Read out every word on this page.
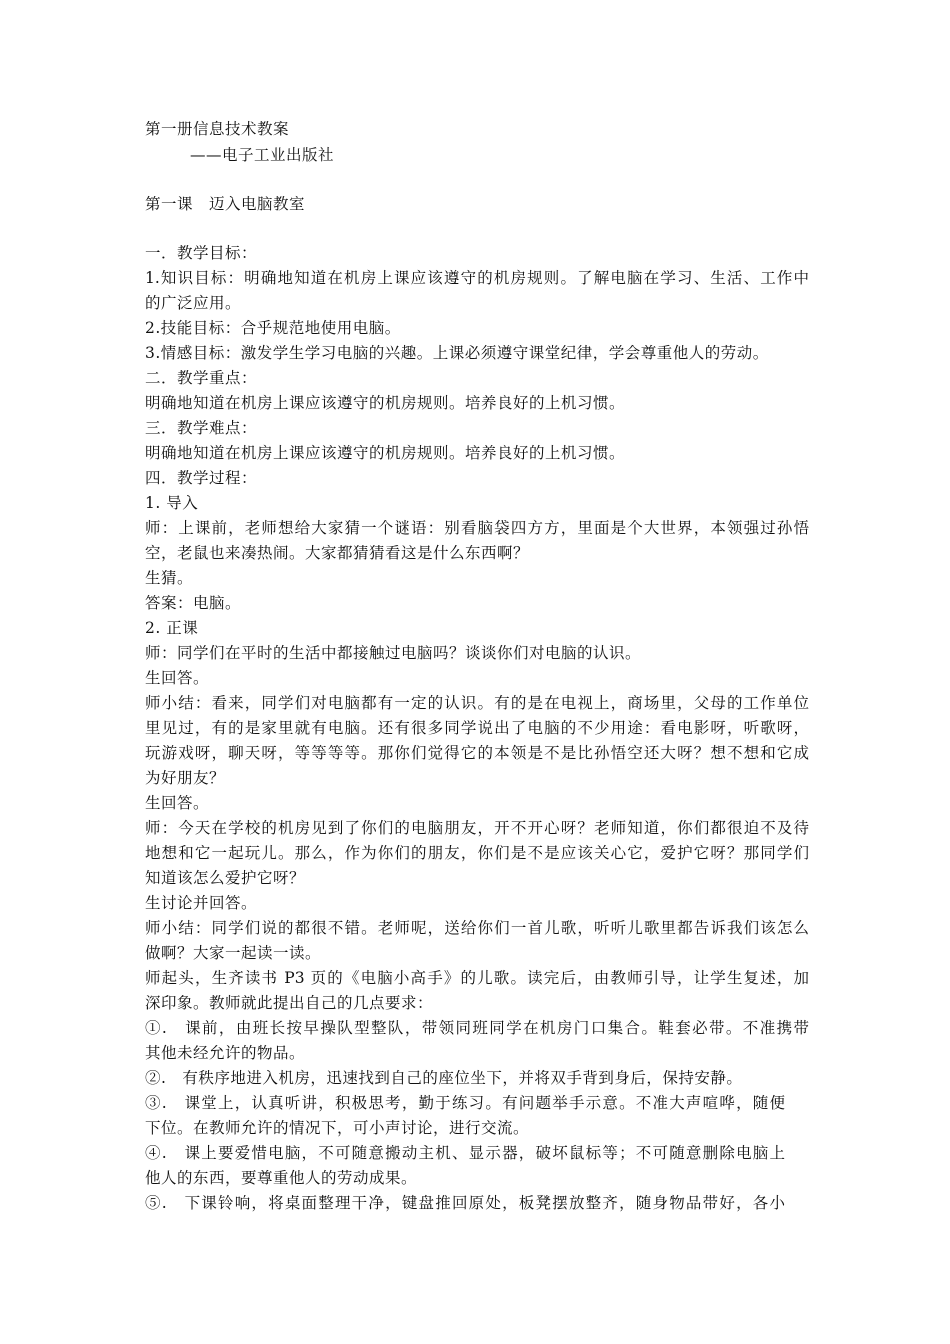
第一册信息技术教案
——电子工业出版社
第一课　迈入电脑教室
一．教学目标：
1.知识目标：明确地知道在机房上课应该遵守的机房规则。了解电脑在学习、生活、工作中
的广泛应用。
2.技能目标：合乎规范地使用电脑。
3.情感目标：激发学生学习电脑的兴趣。上课必须遵守课堂纪律，学会尊重他人的劳动。
二．教学重点：
明确地知道在机房上课应该遵守的机房规则。培养良好的上机习惯。
三．教学难点：
明确地知道在机房上课应该遵守的机房规则。培养良好的上机习惯。
四．教学过程：
1. 导入
师：上课前，老师想给大家猜一个谜语：别看脑袋四方方，里面是个大世界，本领强过孙悟
空，老鼠也来凑热闹。大家都猜猜看这是什么东西啊？
生猜。
答案：电脑。
2. 正课
师：同学们在平时的生活中都接触过电脑吗？谈谈你们对电脑的认识。
生回答。
师小结：看来，同学们对电脑都有一定的认识。有的是在电视上，商场里，父母的工作单位
里见过，有的是家里就有电脑。还有很多同学说出了电脑的不少用途：看电影呀，听歌呀，
玩游戏呀，聊天呀，等等等等。那你们觉得它的本领是不是比孙悟空还大呀？想不想和它成
为好朋友？
生回答。
师：今天在学校的机房见到了你们的电脑朋友，开不开心呀？老师知道，你们都很迫不及待
地想和它一起玩儿。那么，作为你们的朋友，你们是不是应该关心它，爱护它呀？那同学们
知道该怎么爱护它呀？
生讨论并回答。
师小结：同学们说的都很不错。老师呢，送给你们一首儿歌，听听儿歌里都告诉我们该怎么
做啊？大家一起读一读。
师起头，生齐读书 P3 页的《电脑小高手》的儿歌。读完后，由教师引导，让学生复述，加
深印象。教师就此提出自己的几点要求：
①.　课前，由班长按早操队型整队，带领同班同学在机房门口集合。鞋套必带。不准携带
其他未经允许的物品。
②.　有秩序地进入机房，迅速找到自己的座位坐下，并将双手背到身后，保持安静。
③.　课堂上，认真听讲，积极思考，勤于练习。有问题举手示意。不准大声喧哗，随便
下位。在教师允许的情况下，可小声讨论，进行交流。
④.　课上要爱惜电脑，不可随意搬动主机、显示器，破坏鼠标等；不可随意删除电脑上
他人的东西，要尊重他人的劳动成果。
⑤.　下课铃响，将桌面整理干净，键盘推回原处，板凳摆放整齐，随身物品带好，各小
